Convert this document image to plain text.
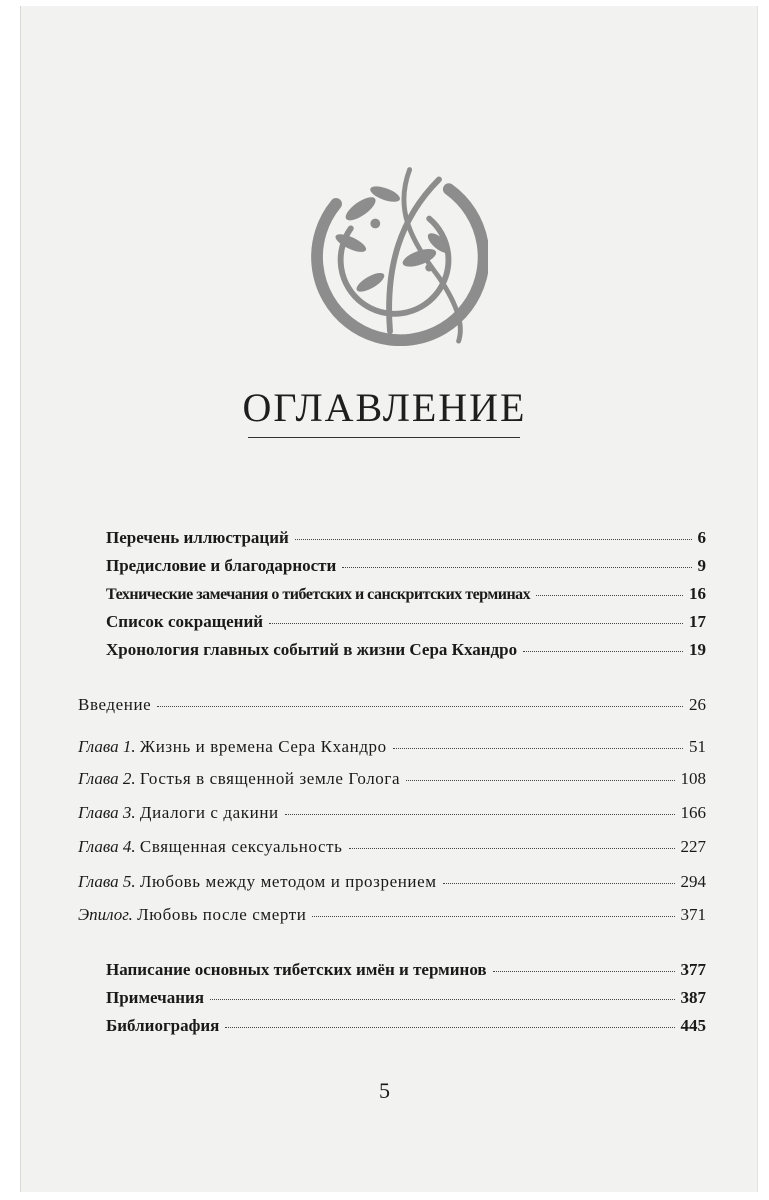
ОГЛАВЛЕНИЕ
Перечень иллюстраций	6
Предисловие и благодарности	9
Технические замечания о тибетских и санскритских терминах	16
Список сокращений	17
Хронология главных событий в жизни Сера Кхандро	19
Введение	26
Глава 1. Жизнь и времена Сера Кхандро	51
Глава 2. Гостья в священной земле Голога	108
Глава 3. Диалоги с дакини	166
Глава 4. Священная сексуальность	227
Глава 5. Любовь между методом и прозрением	294
Эпилог. Любовь после смерти	371
Написание основных тибетских имён и терминов	377
Примечания	387
Библиография	445
5
